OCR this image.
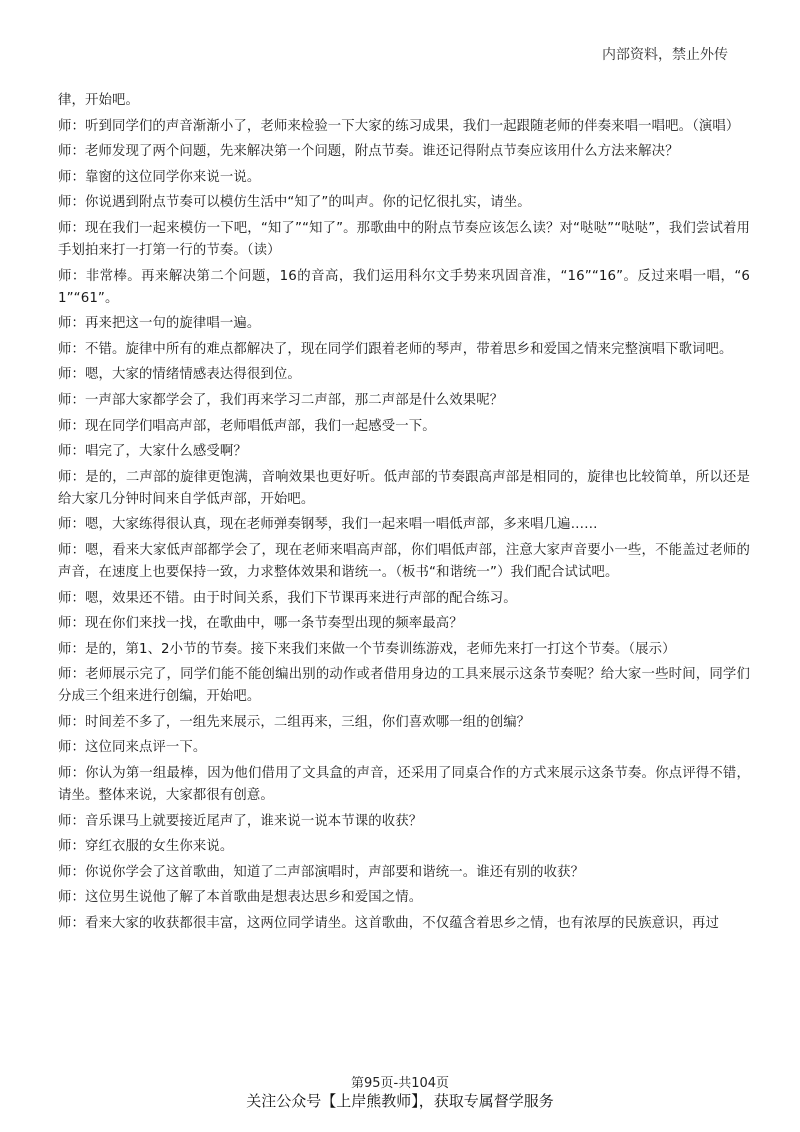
内部资料，禁止外传

律，开始吧。

师：听到同学们的声音渐渐小了，老师来检验一下大家的练习成果，我们一起跟随老师的伴奏来唱一唱吧。（演唱）

师：老师发现了两个问题，先来解决第一个问题，附点节奏。谁还记得附点节奏应该用什么方法来解决？

师：靠窗的这位同学你来说一说。

师：你说遇到附点节奏可以模仿生活中“知了”的叫声。你的记忆很扎实，请坐。

师：现在我们一起来模仿一下吧，“知了”“知了”。那歌曲中的附点节奏应该怎么读？对“哒哒”“哒哒”，我们尝试着用手划拍来打一打第一行的节奏。（读）

师：非常棒。再来解决第二个问题，16的音高，我们运用科尔文手势来巩固音准，“16”“16”。反过来唱一唱，“61”“61”。

师：再来把这一句的旋律唱一遍。

师：不错。旋律中所有的难点都解决了，现在同学们跟着老师的琴声，带着思乡和爱国之情来完整演唱下歌词吧。

师：嗯，大家的情绪情感表达得很到位。

师：一声部大家都学会了，我们再来学习二声部，那二声部是什么效果呢？

师：现在同学们唱高声部，老师唱低声部，我们一起感受一下。

师：唱完了，大家什么感受啊？

师：是的，二声部的旋律更饱满，音响效果也更好听。低声部的节奏跟高声部是相同的，旋律也比较简单，所以还是给大家几分钟时间来自学低声部，开始吧。

师：嗯，大家练得很认真，现在老师弹奏钢琴，我们一起来唱一唱低声部，多来唱几遍……

师：嗯，看来大家低声部都学会了，现在老师来唱高声部，你们唱低声部，注意大家声音要小一些，不能盖过老师的声音，在速度上也要保持一致，力求整体效果和谐统一。（板书“和谐统一”）我们配合试试吧。

师：嗯，效果还不错。由于时间关系，我们下节课再来进行声部的配合练习。

师：现在你们来找一找，在歌曲中，哪一条节奏型出现的频率最高？

师：是的，第1、2小节的节奏。接下来我们来做一个节奏训练游戏，老师先来打一打这个节奏。（展示）

师：老师展示完了，同学们能不能创编出别的动作或者借用身边的工具来展示这条节奏呢？给大家一些时间，同学们分成三个组来进行创编，开始吧。

师：时间差不多了，一组先来展示，二组再来，三组，你们喜欢哪一组的创编？

师：这位同来点评一下。

师：你认为第一组最棒，因为他们借用了文具盒的声音，还采用了同桌合作的方式来展示这条节奏。你点评得不错，请坐。整体来说，大家都很有创意。

师：音乐课马上就要接近尾声了，谁来说一说本节课的收获？

师：穿红衣服的女生你来说。

师：你说你学会了这首歌曲，知道了二声部演唱时，声部要和谐统一。谁还有别的收获？

师：这位男生说他了解了本首歌曲是想表达思乡和爱国之情。

师：看来大家的收获都很丰富，这两位同学请坐。这首歌曲，不仅蕴含着思乡之情，也有浓厚的民族意识，再过

第95页-共104页
关注公众号【上岸熊教师】，获取专属督学服务
